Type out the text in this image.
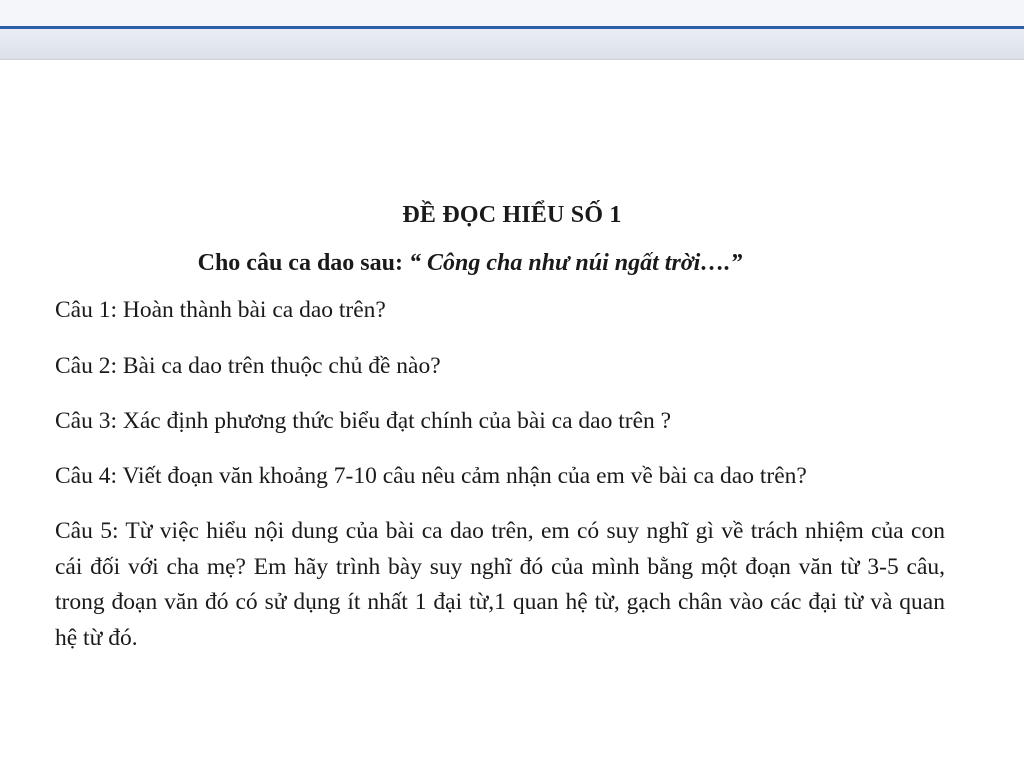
ĐỀ ĐỌC HIỂU SỐ 1
Cho câu ca dao sau: “ Công cha như núi ngất trời….”
Câu 1: Hoàn thành bài ca dao trên?
Câu 2: Bài ca dao trên thuộc chủ đề nào?
Câu 3: Xác định phương thức biểu đạt chính của bài ca dao trên ?
Câu 4: Viết đoạn văn khoảng 7-10 câu nêu cảm nhận của em về bài ca dao trên?
Câu 5: Từ việc hiểu nội dung của bài ca dao trên, em có suy nghĩ gì về trách nhiệm của con cái đối với cha mẹ? Em hãy trình bày suy nghĩ đó của mình bằng một đoạn văn từ 3-5 câu, trong đoạn văn đó có sử dụng ít nhất 1 đại từ,1 quan hệ từ, gạch chân vào các đại từ và quan hệ từ đó.
